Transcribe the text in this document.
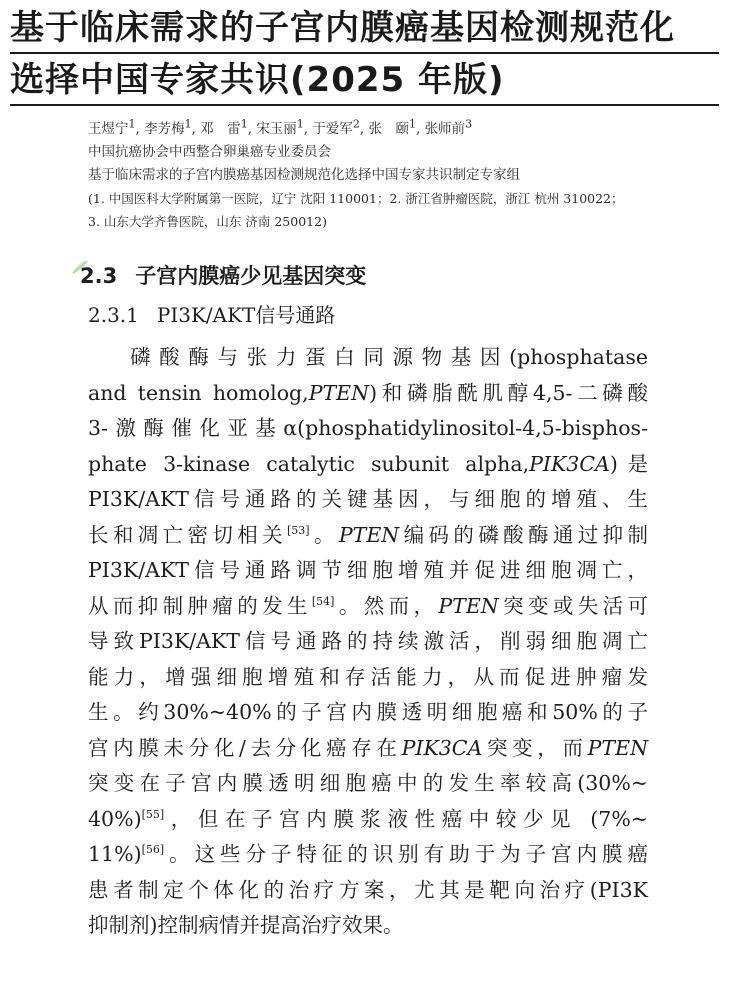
基于临床需求的子宫内膜癌基因检测规范化
选择中国专家共识(2025 年版)
王煜宁$^1$, 李芳梅$^1$, 邓　雷$^1$, 宋玉丽$^1$, 于爱军$^2$, 张　颐$^1$, 张师前$^3$
中国抗癌协会中西整合卵巢癌专业委员会
基于临床需求的子宫内膜癌基因检测规范化选择中国专家共识制定专家组
(1. 中国医科大学附属第一医院，辽宁 沈阳 110001；2. 浙江省肿瘤医院，浙江 杭州 310022；
3. 山东大学齐鲁医院，山东 济南 250012)
2.3 子宫内膜癌少见基因突变
2.3.1 PI3K/AKT信号通路

磷酸酶与张力蛋白同源物基因(phosphatase

and tensin homolog,PTEN)和磷脂酰肌醇4,5-二磷酸

3-激酶催化亚基α(phosphatidylinositol-4,5-bisphos-

phate 3-kinase catalytic subunit alpha,PIK3CA)是

PI3K/AKT信号通路的关键基因，与细胞的增殖、生

长和凋亡密切相关[53]。PTEN编码的磷酸酶通过抑制

PI3K/AKT信号通路调节细胞增殖并促进细胞凋亡，

从而抑制肿瘤的发生[54]。然而，PTEN突变或失活可

导致PI3K/AKT信号通路的持续激活，削弱细胞凋亡

能力，增强细胞增殖和存活能力，从而促进肿瘤发

生。约30%~40%的子宫内膜透明细胞癌和50%的子

宫内膜未分化/去分化癌存在PIK3CA突变，而PTEN

突变在子宫内膜透明细胞癌中的发生率较高(30%~

40%)[55]，但在子宫内膜浆液性癌中较少见 (7%~

11%)[56]。这些分子特征的识别有助于为子宫内膜癌

患者制定个体化的治疗方案，尤其是靶向治疗(PI3K

抑制剂)控制病情并提高治疗效果。
